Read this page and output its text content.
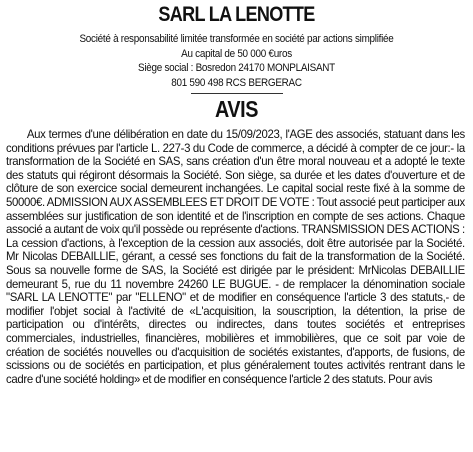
SARL LA LENOTTE
Société à responsabilité limitée transformée en société par actions simplifiée
Au capital de 50 000 €uros
Siège social : Bosredon 24170 MONPLAISANT
801 590 498 RCS BERGERAC
AVIS

Aux termes d'une délibération en date du 15/09/2023, l'AGE des associés, statuant dans les conditions prévues par l'article L. 227-3 du Code de commerce, a décidé à compter de ce jour:- la transformation de la Société en SAS, sans création d'un être moral nouveau et a adopté le texte des statuts qui régiront désormais la Société. Son siège, sa durée et les dates d'ouverture et de clôture de son exercice social demeurent inchangées. Le capital social reste fixé à la somme de 50000€. ADMISSION AUX ASSEMBLEES ET DROIT DE VOTE : Tout associé peut participer aux assemblées sur justification de son identité et de l'inscription en compte de ses actions. Chaque associé a autant de voix qu'il possède ou représente d'actions. TRANSMISSION DES ACTIONS : La cession d'actions, à l'exception de la cession aux associés, doit être autorisée par la Société. Mr Nicolas DEBAILLIE, gérant, a cessé ses fonctions du fait de la transformation de la Société. Sous sa nouvelle forme de SAS, la Société est dirigée par le président: MrNicolas DEBAILLIE demeurant 5, rue du 11 novembre 24260 LE BUGUE. - de remplacer la dénomination sociale "SARL LA LENOTTE" par "ELLENO" et de modifier en conséquence l'article 3 des statuts,- de modifier l'objet social à l'activité de «L'acquisition, la souscription, la détention, la prise de participation ou d'intérêts, directes ou indirectes, dans toutes sociétés et entreprises commerciales, industrielles, financières, mobilières et immobilières, que ce soit par voie de création de sociétés nouvelles ou d'acquisition de sociétés existantes, d'apports, de fusions, de scissions ou de sociétés en participation, et plus généralement toutes activités rentrant dans le cadre d'une société holding» et de modifier en conséquence l'article 2 des statuts. Pour avis
